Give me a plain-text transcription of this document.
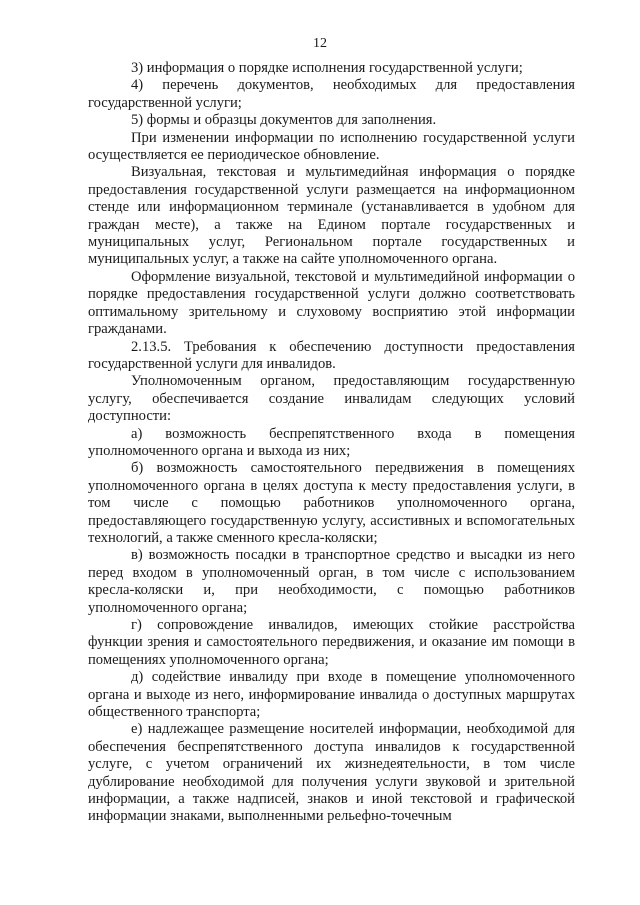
12

3) информация о порядке исполнения государственной услуги;

4) перечень документов, необходимых для предоставления государственной услуги;

5) формы и образцы документов для заполнения.

При изменении информации по исполнению государственной услуги осуществляется ее периодическое обновление.

Визуальная, текстовая и мультимедийная информация о порядке предоставления государственной услуги размещается на информационном стенде или информационном терминале (устанавливается в удобном для граждан месте), а также на Едином портале государственных и муниципальных услуг, Региональном портале государственных и муниципальных услуг, а также на сайте уполномоченного органа.

Оформление визуальной, текстовой и мультимедийной информации о порядке предоставления государственной услуги должно соответствовать оптимальному зрительному и слуховому восприятию этой информации гражданами.

2.13.5. Требования к обеспечению доступности предоставления государственной услуги для инвалидов.

Уполномоченным органом, предоставляющим государственную услугу, обеспечивается создание инвалидам следующих условий доступности:

а) возможность беспрепятственного входа в помещения уполномоченного органа и выхода из них;

б) возможность самостоятельного передвижения в помещениях уполномоченного органа в целях доступа к месту предоставления услуги, в том числе с помощью работников уполномоченного органа, предоставляющего государственную услугу, ассистивных и вспомогательных технологий, а также сменного кресла-коляски;

в) возможность посадки в транспортное средство и высадки из него перед входом в уполномоченный орган, в том числе с использованием кресла-коляски и, при необходимости, с помощью работников уполномоченного органа;

г) сопровождение инвалидов, имеющих стойкие расстройства функции зрения и самостоятельного передвижения, и оказание им помощи в помещениях уполномоченного органа;

д) содействие инвалиду при входе в помещение уполномоченного органа и выходе из него, информирование инвалида о доступных маршрутах общественного транспорта;

е) надлежащее размещение носителей информации, необходимой для обеспечения беспрепятственного доступа инвалидов к государственной услуге, с учетом ограничений их жизнедеятельности, в том числе дублирование необходимой для получения услуги звуковой и зрительной информации, а также надписей, знаков и иной текстовой и графической информации знаками, выполненными рельефно-точечным
